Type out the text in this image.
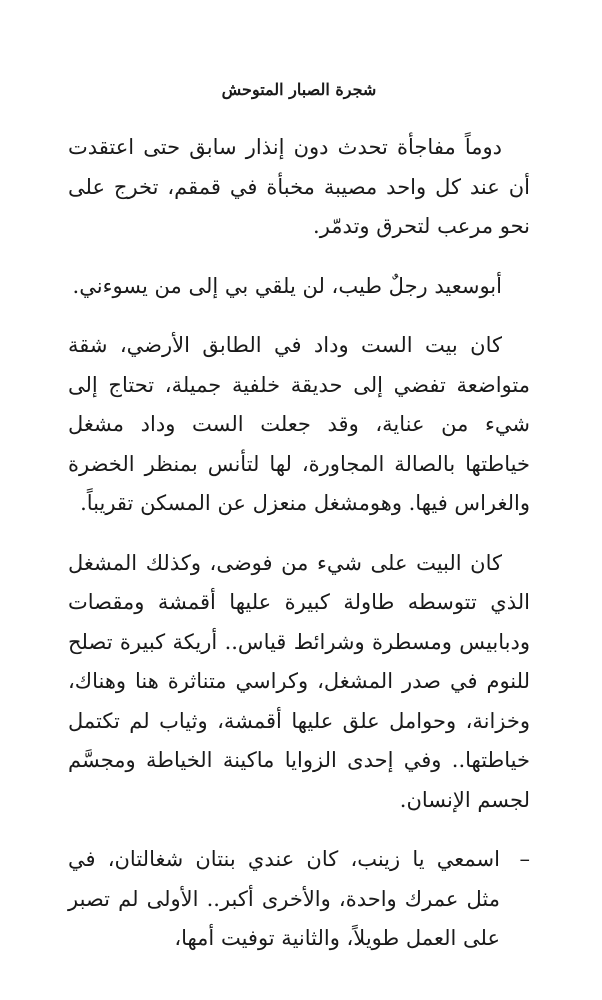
شجرة الصبار المتوحش

دوماً مفاجأة تحدث دون إنذار سابق حتى اعتقدت أن عند كل واحد مصيبة مخبأة في قمقم، تخرج على نحو مرعب لتحرق وتدمّر.

أبوسعيد رجلٌ طيب، لن يلقي بي إلى من يسوءني.

كان بيت الست وداد في الطابق الأرضي، شقة متواضعة تفضي إلى حديقة خلفية جميلة، تحتاج إلى شيء من عناية، وقد جعلت الست وداد مشغل خياطتها بالصالة المجاورة، لها لتأنس بمنظر الخضرة والغراس فيها. وهومشغل منعزل عن المسكن تقريباً.

كان البيت على شيء من فوضى، وكذلك المشغل الذي تتوسطه طاولة كبيرة عليها أقمشة ومقصات ودبابيس ومسطرة وشرائط قياس.. أريكة كبيرة تصلح للنوم في صدر المشغل، وكراسي متناثرة هنا وهناك، وخزانة، وحوامل علق عليها أقمشة، وثياب لم تكتمل خياطتها.. وفي إحدى الزوايا ماكينة الخياطة ومجسَّم لجسم الإنسان.

–
اسمعي يا زينب، كان عندي بنتان شغالتان، في مثل عمرك واحدة، والأخرى أكبر.. الأولى لم تصبر على العمل طويلاً، والثانية توفيت أمها،
